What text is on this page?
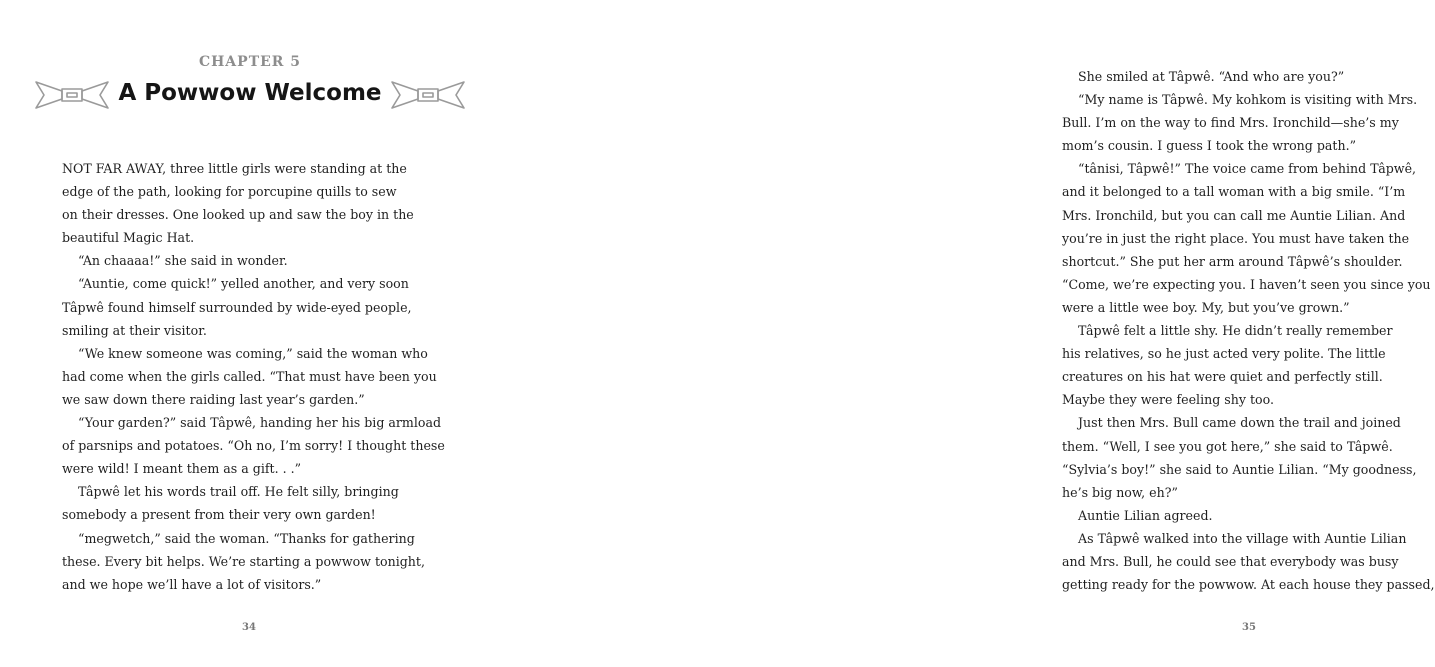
CHAPTER 5
A Powwow Welcome
NOT FAR AWAY, three little girls were standing at the
edge of the path, looking for porcupine quills to sew
on their dresses. One looked up and saw the boy in the
beautiful Magic Hat.
“An chaaaa!” she said in wonder.
“Auntie, come quick!” yelled another, and very soon
Tâpwê found himself surrounded by wide-eyed people,
smiling at their visitor.
“We knew someone was coming,” said the woman who
had come when the girls called. “That must have been you
we saw down there raiding last year’s garden.”
“Your garden?” said Tâpwê, handing her his big armload
of parsnips and potatoes. “Oh no, I’m sorry! I thought these
were wild! I meant them as a gift. . .”
Tâpwê let his words trail off. He felt silly, bringing
somebody a present from their very own garden!
“megwetch,” said the woman. “Thanks for gathering
these. Every bit helps. We’re starting a powwow tonight,
and we hope we’ll have a lot of visitors.”
34
She smiled at Tâpwê. “And who are you?”
“My name is Tâpwê. My kohkom is visiting with Mrs.
Bull. I’m on the way to find Mrs. Ironchild—she’s my
mom’s cousin. I guess I took the wrong path.”
“tânisi, Tâpwê!” The voice came from behind Tâpwê,
and it belonged to a tall woman with a big smile. “I’m
Mrs. Ironchild, but you can call me Auntie Lilian. And
you’re in just the right place. You must have taken the
shortcut.” She put her arm around Tâpwê’s shoulder.
“Come, we’re expecting you. I haven’t seen you since you
were a little wee boy. My, but you’ve grown.”
Tâpwê felt a little shy. He didn’t really remember
his relatives, so he just acted very polite. The little
creatures on his hat were quiet and perfectly still.
Maybe they were feeling shy too.
Just then Mrs. Bull came down the trail and joined
them. “Well, I see you got here,” she said to Tâpwê.
“Sylvia’s boy!” she said to Auntie Lilian. “My goodness,
he’s big now, eh?”
Auntie Lilian agreed.
As Tâpwê walked into the village with Auntie Lilian
and Mrs. Bull, he could see that everybody was busy
getting ready for the powwow. At each house they passed,
35
